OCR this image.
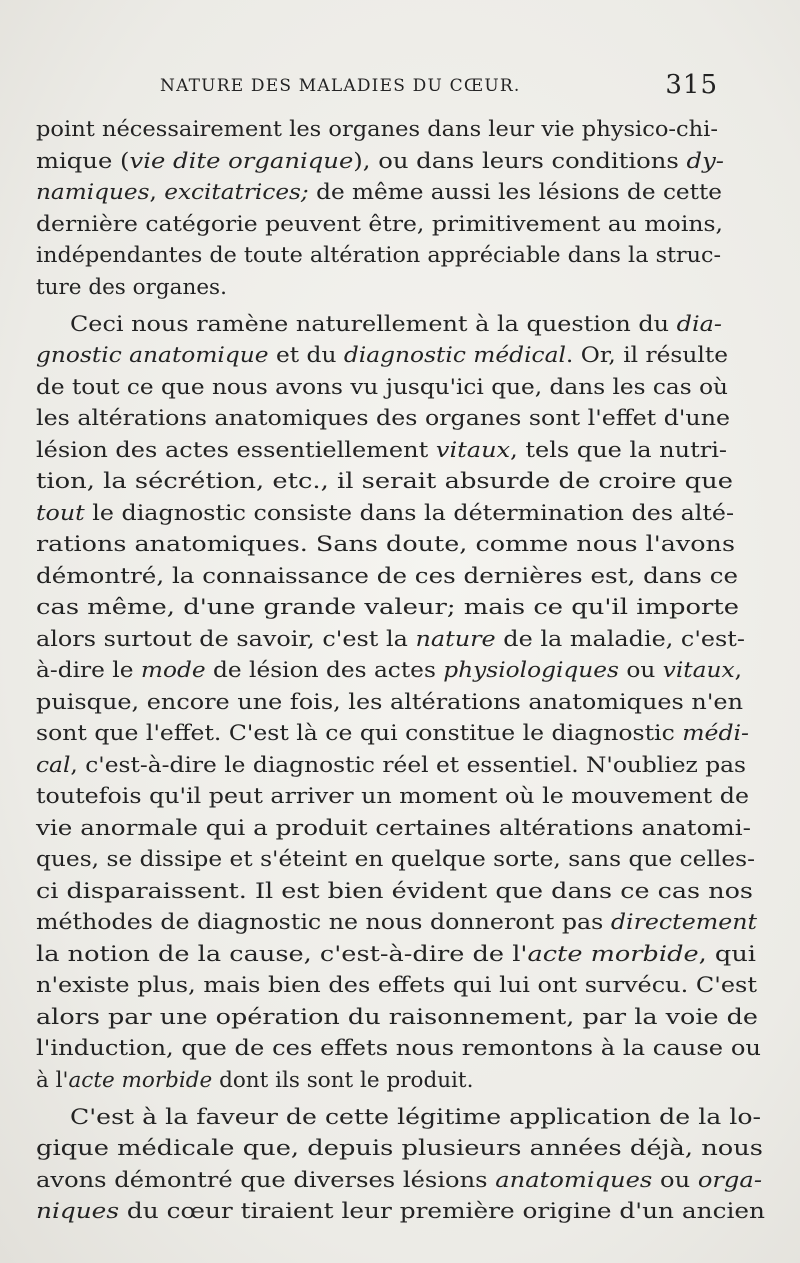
NATURE DES MALADIES DU CŒUR.	315
point nécessairement les organes dans leur vie physico-chi-
mique (vie dite organique), ou dans leurs conditions dy-
namiques, excitatrices; de même aussi les lésions de cette
dernière catégorie peuvent être, primitivement au moins,
indépendantes de toute altération appréciable dans la struc-
ture des organes.
Ceci nous ramène naturellement à la question du dia-
gnostic anatomique et du diagnostic médical. Or, il résulte
de tout ce que nous avons vu jusqu'ici que, dans les cas où
les altérations anatomiques des organes sont l'effet d'une
lésion des actes essentiellement vitaux, tels que la nutri-
tion, la sécrétion, etc., il serait absurde de croire que
tout le diagnostic consiste dans la détermination des alté-
rations anatomiques. Sans doute, comme nous l'avons
démontré, la connaissance de ces dernières est, dans ce
cas même, d'une grande valeur; mais ce qu'il importe
alors surtout de savoir, c'est la nature de la maladie, c'est-
à-dire le mode de lésion des actes physiologiques ou vitaux,
puisque, encore une fois, les altérations anatomiques n'en
sont que l'effet. C'est là ce qui constitue le diagnostic médi-
cal, c'est-à-dire le diagnostic réel et essentiel. N'oubliez pas
toutefois qu'il peut arriver un moment où le mouvement de
vie anormale qui a produit certaines altérations anatomi-
ques, se dissipe et s'éteint en quelque sorte, sans que celles-
ci disparaissent. Il est bien évident que dans ce cas nos
méthodes de diagnostic ne nous donneront pas directement
la notion de la cause, c'est-à-dire de l'acte morbide, qui
n'existe plus, mais bien des effets qui lui ont survécu. C'est
alors par une opération du raisonnement, par la voie de
l'induction, que de ces effets nous remontons à la cause ou
à l'acte morbide dont ils sont le produit.
C'est à la faveur de cette légitime application de la lo-
gique médicale que, depuis plusieurs années déjà, nous
avons démontré que diverses lésions anatomiques ou orga-
niques du cœur tiraient leur première origine d'un ancien
